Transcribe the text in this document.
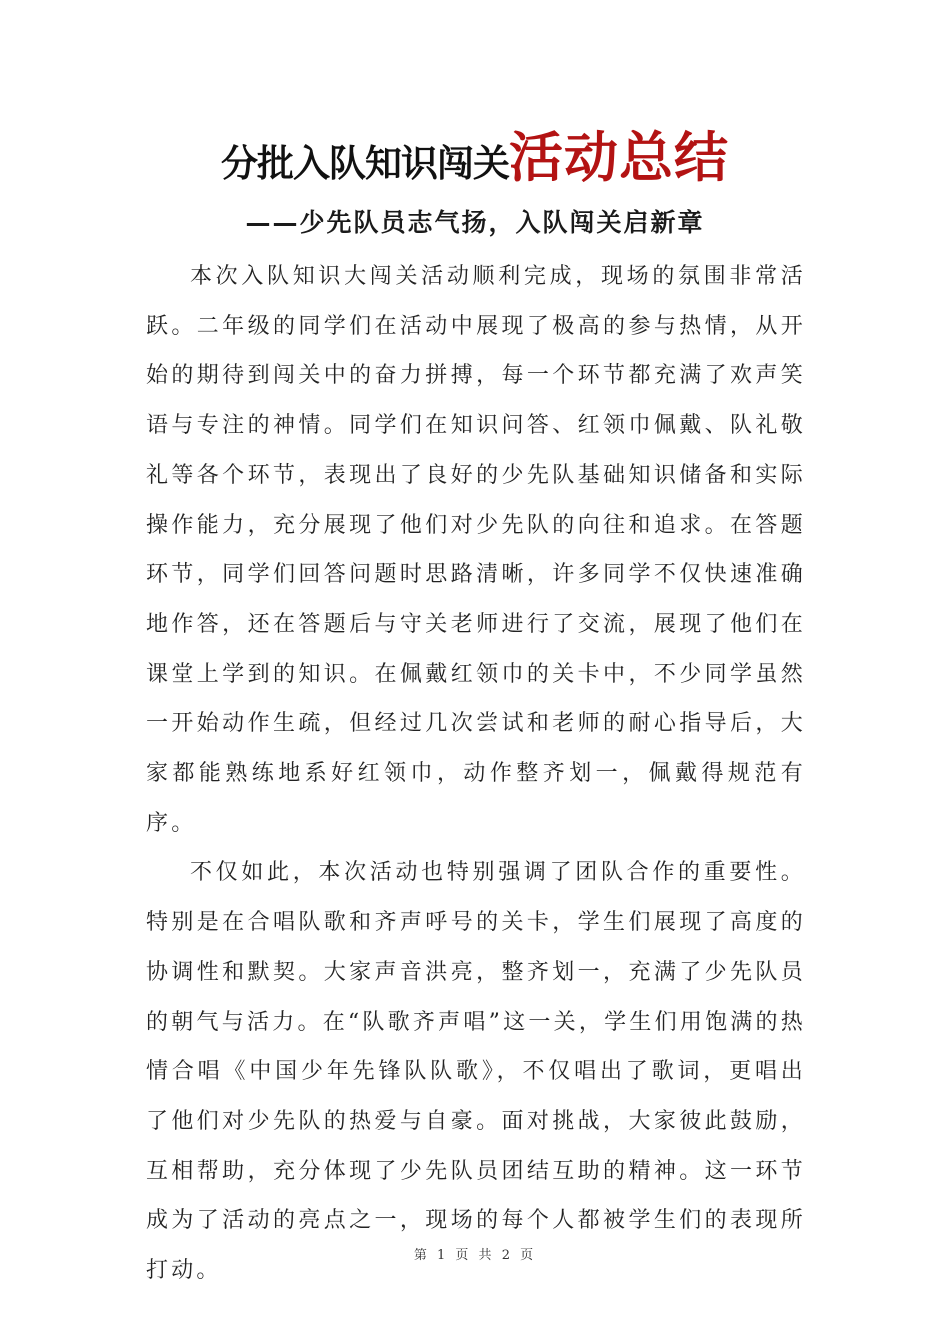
分批入队知识闯关活动总结
——少先队员志气扬，入队闯关启新章

本次入队知识大闯关活动顺利完成，现场的氛围非常活跃。二年级的同学们在活动中展现了极高的参与热情，从开始的期待到闯关中的奋力拼搏，每一个环节都充满了欢声笑语与专注的神情。同学们在知识问答、红领巾佩戴、队礼敬礼等各个环节，表现出了良好的少先队基础知识储备和实际操作能力，充分展现了他们对少先队的向往和追求。在答题环节，同学们回答问题时思路清晰，许多同学不仅快速准确地作答，还在答题后与守关老师进行了交流，展现了他们在课堂上学到的知识。在佩戴红领巾的关卡中，不少同学虽然一开始动作生疏，但经过几次尝试和老师的耐心指导后，大家都能熟练地系好红领巾，动作整齐划一，佩戴得规范有序。

不仅如此，本次活动也特别强调了团队合作的重要性。特别是在合唱队歌和齐声呼号的关卡，学生们展现了高度的协调性和默契。大家声音洪亮，整齐划一，充满了少先队员的朝气与活力。在“队歌齐声唱”这一关，学生们用饱满的热情合唱《中国少年先锋队队歌》，不仅唱出了歌词，更唱出了他们对少先队的热爱与自豪。面对挑战，大家彼此鼓励，互相帮助，充分体现了少先队员团结互助的精神。这一环节成为了活动的亮点之一，现场的每个人都被学生们的表现所打动。

第 1 页 共 2 页
